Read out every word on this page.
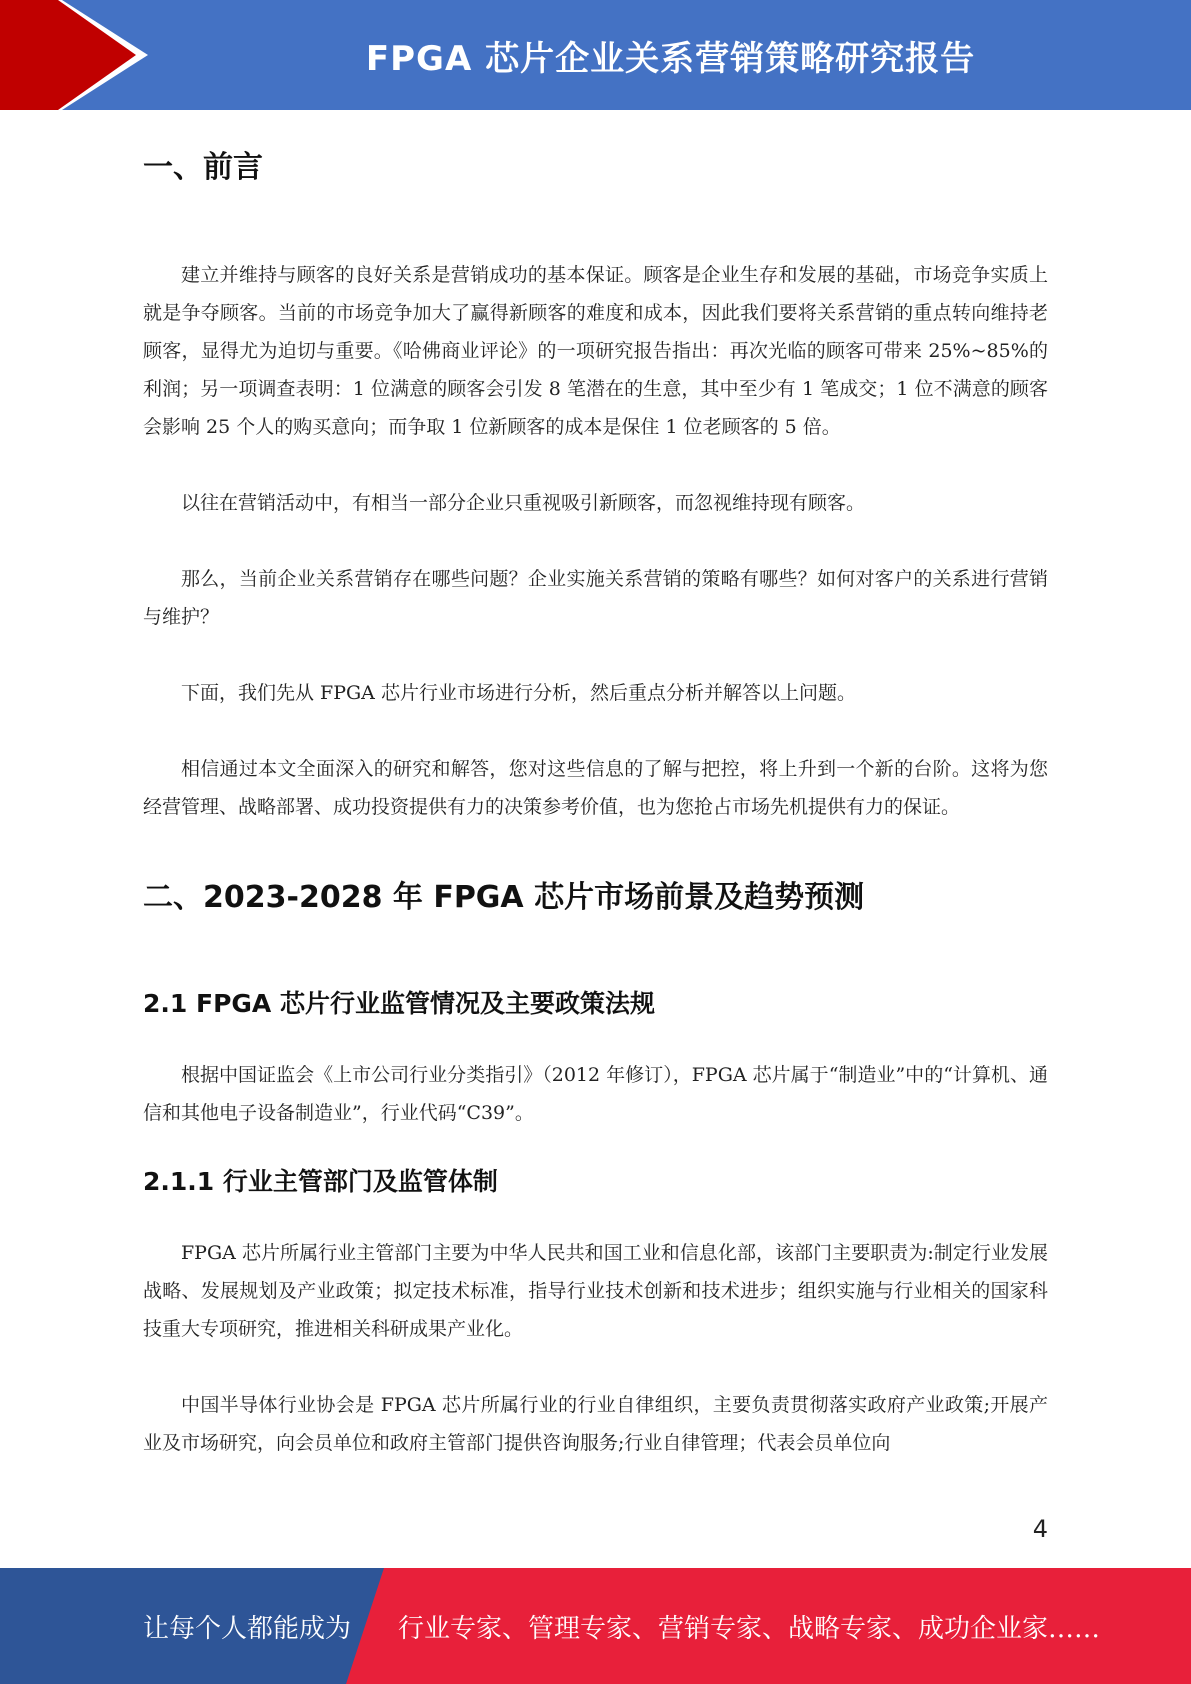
FPGA 芯片企业关系营销策略研究报告
一、前言

建立并维持与顾客的良好关系是营销成功的基本保证。顾客是企业生存和发展的基础，市场竞争实质上就是争夺顾客。当前的市场竞争加大了赢得新顾客的难度和成本，因此我们要将关系营销的重点转向维持老顾客，显得尤为迫切与重要。《哈佛商业评论》的一项研究报告指出：再次光临的顾客可带来 25%~85%的利润；另一项调查表明：1 位满意的顾客会引发 8 笔潜在的生意，其中至少有 1 笔成交；1 位不满意的顾客会影响 25 个人的购买意向；而争取 1 位新顾客的成本是保住 1 位老顾客的 5 倍。

以往在营销活动中，有相当一部分企业只重视吸引新顾客，而忽视维持现有顾客。

那么，当前企业关系营销存在哪些问题？企业实施关系营销的策略有哪些？如何对客户的关系进行营销与维护？

下面，我们先从 FPGA 芯片行业市场进行分析，然后重点分析并解答以上问题。

相信通过本文全面深入的研究和解答，您对这些信息的了解与把控，将上升到一个新的台阶。这将为您经营管理、战略部署、成功投资提供有力的决策参考价值，也为您抢占市场先机提供有力的保证。

二、2023-2028 年 FPGA 芯片市场前景及趋势预测
2.1 FPGA 芯片行业监管情况及主要政策法规

根据中国证监会《上市公司行业分类指引》（2012 年修订），FPGA 芯片属于“制造业”中的“计算机、通信和其他电子设备制造业”，行业代码“C39”。

2.1.1 行业主管部门及监管体制

FPGA 芯片所属行业主管部门主要为中华人民共和国工业和信息化部，该部门主要职责为:制定行业发展战略、发展规划及产业政策；拟定技术标准，指导行业技术创新和技术进步；组织实施与行业相关的国家科技重大专项研究，推进相关科研成果产业化。

中国半导体行业协会是 FPGA 芯片所属行业的行业自律组织，主要负责贯彻落实政府产业政策;开展产业及市场研究，向会员单位和政府主管部门提供咨询服务;行业自律管理；代表会员单位向

4
让每个人都能成为 行业专家、管理专家、营销专家、战略专家、成功企业家……
